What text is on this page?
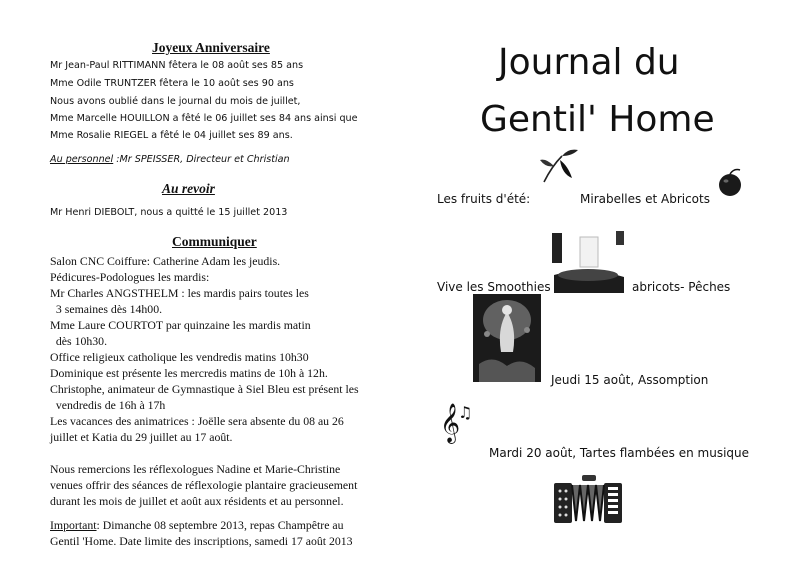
Joyeux Anniversaire
Mr Jean-Paul RITTIMANN fêtera le 08 août ses 85 ans
Mme Odile TRUNTZER fêtera le 10 août ses 90 ans
Nous avons oublié dans le journal du mois de juillet,
Mme Marcelle HOUILLON a fêté le 06 juillet ses 84 ans ainsi que
Mme Rosalie RIEGEL a fêté le 04 juillet ses 89 ans.
Au personnel :Mr SPEISSER, Directeur et Christian
Au revoir
Mr Henri DIEBOLT, nous a quitté le 15 juillet 2013
Communiquer
Salon CNC Coiffure: Catherine Adam les jeudis.
Pédicures-Podologues les mardis:
Mr Charles ANGSTHELM : les mardis pairs toutes les
3 semaines dès 14h00.
Mme Laure COURTOT par quinzaine les mardis matin
dès 10h30.
Office religieux catholique les vendredis matins 10h30
Dominique est présente les mercredis matins de 10h à 12h.
Christophe, animateur de Gymnastique à Siel Bleu est présent les
vendredis de 16h à 17h
Les vacances des animatrices : Joëlle sera absente du 08 au 26
juillet et Katia du 29 juillet au 17 août.
Nous remercions les réflexologues Nadine et Marie-Christine
venues offrir des séances de réflexologie plantaire gracieusement
durant les mois de juillet et août aux résidents et au personnel.
Important: Dimanche 08 septembre 2013, repas Champêtre au
Gentil 'Home. Date limite des inscriptions, samedi 17 août 2013
Journal du
Gentil' Home
Les fruits d'été:	Mirabelles et Abricots
Vive les Smoothies	abricots- Pêches
Jeudi 15 août, Assomption
𝄞
♫
Mardi 20 août, Tartes flambées en musique
